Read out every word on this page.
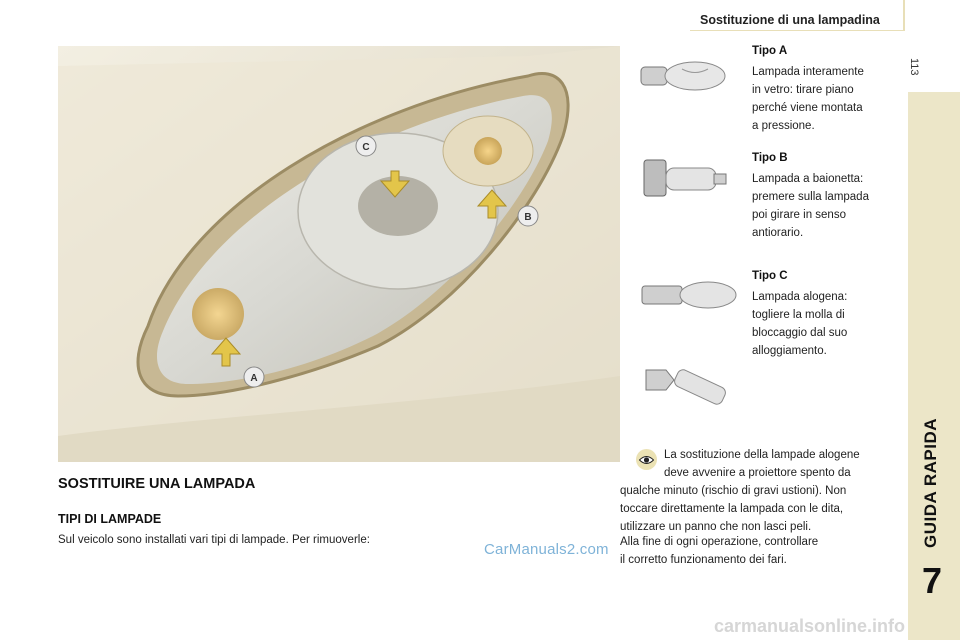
Sostituzione di una lampadina
113
GUIDA RAPIDA
7
C
B
A
SOSTITUIRE UNA LAMPADA
TIPI DI LAMPADE
Sul veicolo sono installati vari tipi di lampade. Per rimuoverle:
CarManuals2.com
Tipo A
Lampada interamente
in vetro: tirare piano
perché viene montata
a pressione.
Tipo B
Lampada a baionetta:
premere sulla lampada
poi girare in senso
antiorario.
Tipo C
Lampada alogena:
togliere la molla di
bloccaggio dal suo
alloggiamento.
La sostituzione della lampade alogene
deve avvenire a proiettore spento da
qualche minuto (rischio di gravi ustioni). Non
toccare direttamente la lampada con le dita,
utilizzare un panno che non lasci peli.
Alla fine di ogni operazione, controllare
il corretto funzionamento dei fari.
carmanualsonline.info
